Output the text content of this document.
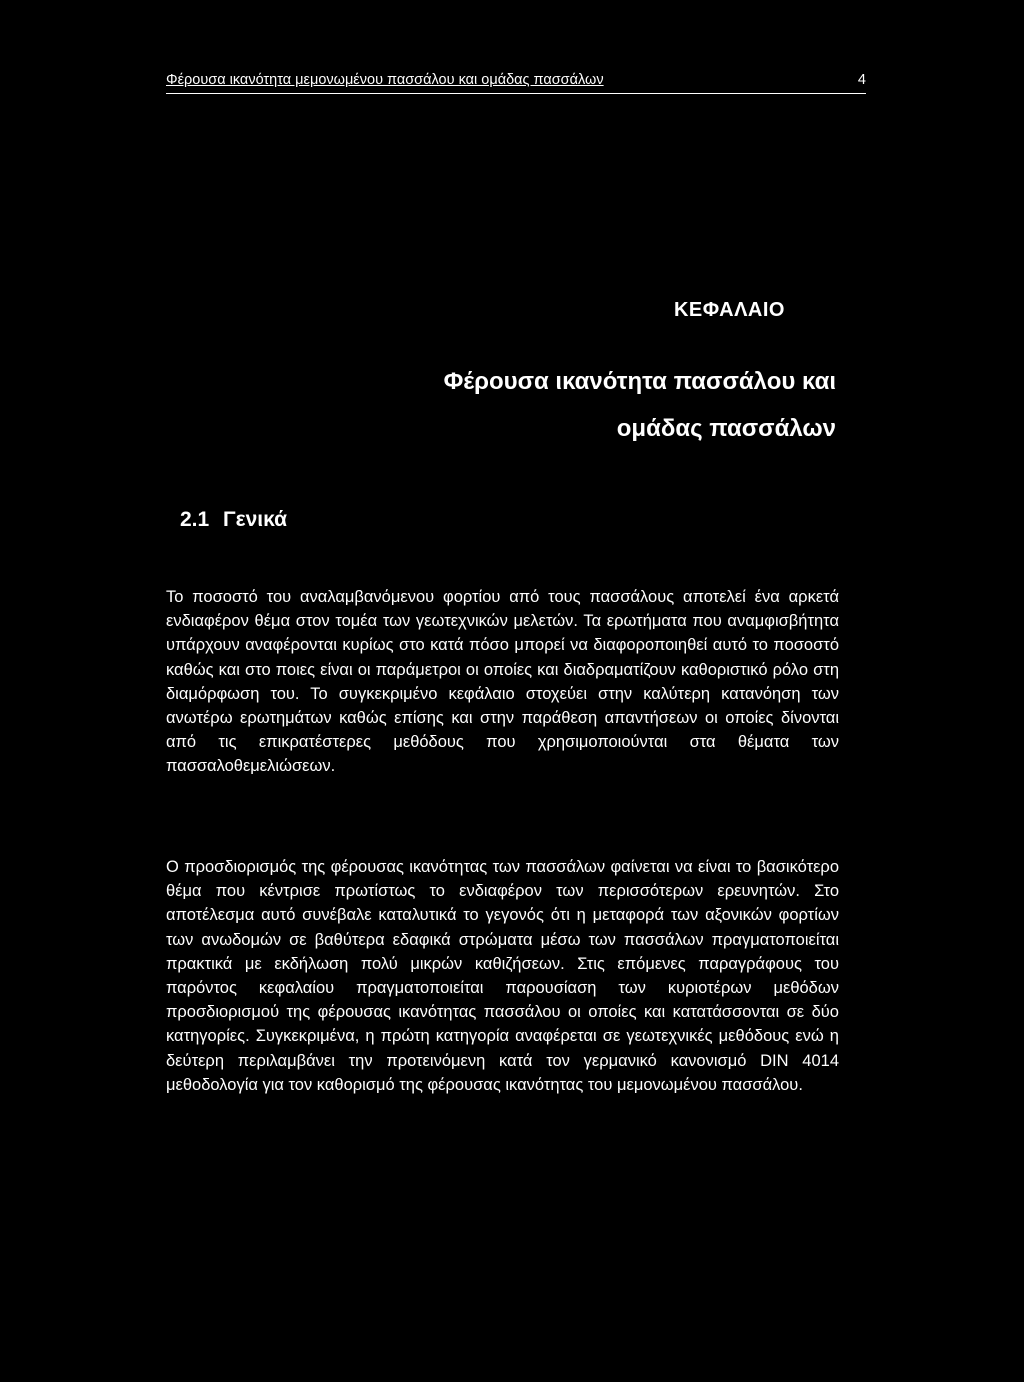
Φέρουσα ικανότητα μεμονωμένου πασσάλου και ομάδας πασσάλων	4
ΚΕΦΑΛΑΙΟ
Φέρουσα ικανότητα πασσάλου και
ομάδας πασσάλων
2.1 Γενικά

Το ποσοστό του αναλαμβανόμενου φορτίου από τους πασσάλους αποτελεί ένα αρκετά ενδιαφέρον θέμα στον τομέα των γεωτεχνικών μελετών. Τα ερωτήματα που αναμφισβήτητα υπάρχουν αναφέρονται κυρίως στο κατά πόσο μπορεί να διαφοροποιηθεί αυτό το ποσοστό καθώς και στο ποιες είναι οι παράμετροι οι οποίες και διαδραματίζουν καθοριστικό ρόλο στη διαμόρφωση του. Το συγκεκριμένο κεφάλαιο στοχεύει στην καλύτερη κατανόηση των ανωτέρω ερωτημάτων καθώς επίσης και στην παράθεση απαντήσεων οι οποίες δίνονται από τις επικρατέστερες μεθόδους που χρησιμοποιούνται στα θέματα των πασσαλοθεμελιώσεων.

Ο προσδιορισμός της φέρουσας ικανότητας των πασσάλων φαίνεται να είναι το βασικότερο θέμα που κέντρισε πρωτίστως το ενδιαφέρον των περισσότερων ερευνητών. Στο αποτέλεσμα αυτό συνέβαλε καταλυτικά το γεγονός ότι η μεταφορά των αξονικών φορτίων των ανωδομών σε βαθύτερα εδαφικά στρώματα μέσω των πασσάλων πραγματοποιείται πρακτικά με εκδήλωση πολύ μικρών καθιζήσεων. Στις επόμενες παραγράφους του παρόντος κεφαλαίου πραγματοποιείται παρουσίαση των κυριοτέρων μεθόδων προσδιορισμού της φέρουσας ικανότητας πασσάλου οι οποίες και κατατάσσονται σε δύο κατηγορίες. Συγκεκριμένα, η πρώτη κατηγορία αναφέρεται σε γεωτεχνικές μεθόδους ενώ η δεύτερη περιλαμβάνει την προτεινόμενη κατά τον γερμανικό κανονισμό DIN 4014 μεθοδολογία για τον καθορισμό της φέρουσας ικανότητας του μεμονωμένου πασσάλου.
